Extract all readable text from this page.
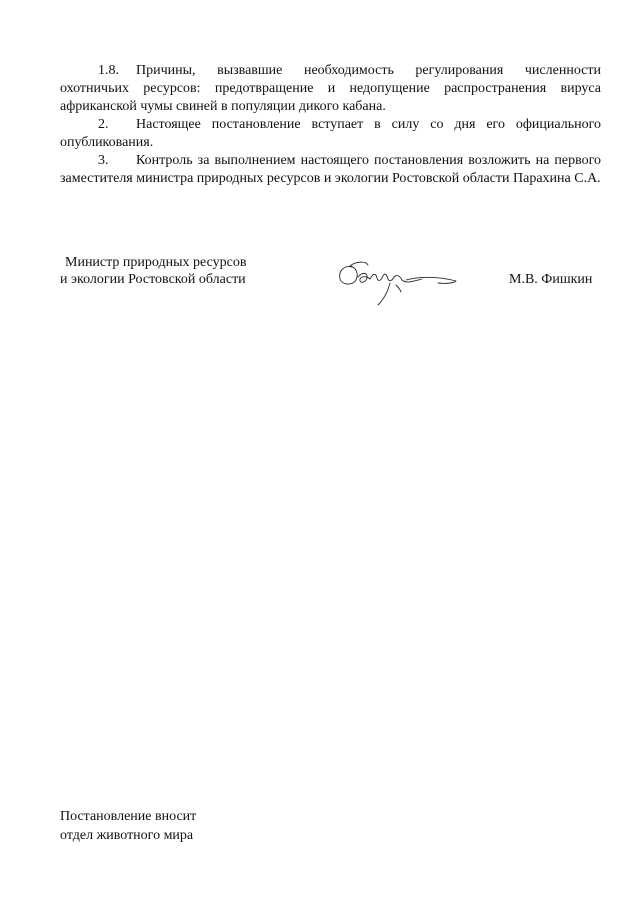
1.8. Причины, вызвавшие необходимость регулирования численности охотничьих ресурсов: предотвращение и недопущение распространения вируса африканской чумы свиней в популяции дикого кабана.

2. Настоящее постановление вступает в силу со дня его официального опубликования.

3. Контроль за выполнением настоящего постановления возложить на первого заместителя министра природных ресурсов и экологии Ростовской области Парахина С.А.

Министр природных ресурсов
и экологии Ростовской области	М.В. Фишкин
Постановление вносит
отдел животного мира
